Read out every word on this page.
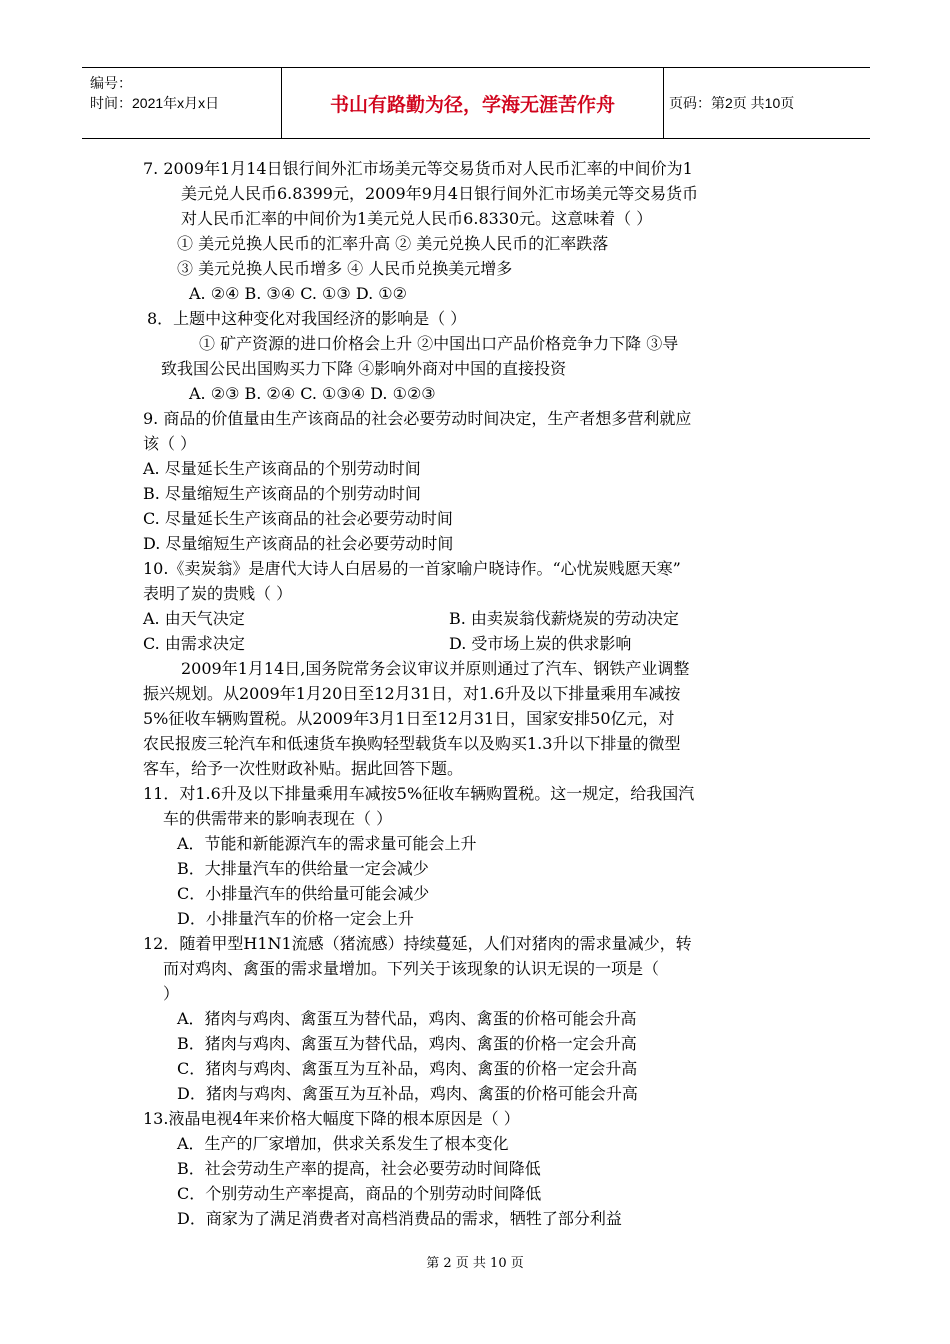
编号：
时间：2021年x月x日	书山有路勤为径，学海无涯苦作舟	页码：第2页 共10页

7. 2009年1月14日银行间外汇市场美元等交易货币对人民币汇率的中间价为1

美元兑人民币6.8399元，2009年9月4日银行间外汇市场美元等交易货币

对人民币汇率的中间价为1美元兑人民币6.8330元。这意味着（ ）

① 美元兑换人民币的汇率升高 ② 美元兑换人民币的汇率跌落

③ 美元兑换人民币增多 ④ 人民币兑换美元增多

A. ②④ B. ③④ C. ①③ D. ①②

8．上题中这种变化对我国经济的影响是（ ）

① 矿产资源的进口价格会上升 ②中国出口产品价格竞争力下降 ③导

致我国公民出国购买力下降 ④影响外商对中国的直接投资

A. ②③ B. ②④ C. ①③④ D. ①②③

9. 商品的价值量由生产该商品的社会必要劳动时间决定，生产者想多营利就应

该（ ）

A. 尽量延长生产该商品的个别劳动时间

B. 尽量缩短生产该商品的个别劳动时间

C. 尽量延长生产该商品的社会必要劳动时间

D. 尽量缩短生产该商品的社会必要劳动时间

10.《卖炭翁》是唐代大诗人白居易的一首家喻户晓诗作。“心忧炭贱愿天寒”

表明了炭的贵贱（ ）

A. 由天气决定	B. 由卖炭翁伐薪烧炭的劳动决定
C. 由需求决定	D. 受市场上炭的供求影响

2009年1月14日,国务院常务会议审议并原则通过了汽车、钢铁产业调整

振兴规划。从2009年1月20日至12月31日，对1.6升及以下排量乘用车减按

5%征收车辆购置税。从2009年3月1日至12月31日，国家安排50亿元，对

农民报废三轮汽车和低速货车换购轻型载货车以及购买1.3升以下排量的微型

客车，给予一次性财政补贴。据此回答下题。

11．对1.6升及以下排量乘用车减按5%征收车辆购置税。这一规定，给我国汽

车的供需带来的影响表现在（ ）

A．节能和新能源汽车的需求量可能会上升

B．大排量汽车的供给量一定会减少

C．小排量汽车的供给量可能会减少

D．小排量汽车的价格一定会上升

12．随着甲型H1N1流感（猪流感）持续蔓延，人们对猪肉的需求量减少，转

而对鸡肉、禽蛋的需求量增加。下列关于该现象的认识无误的一项是（

）

A．猪肉与鸡肉、禽蛋互为替代品，鸡肉、禽蛋的价格可能会升高

B．猪肉与鸡肉、禽蛋互为替代品，鸡肉、禽蛋的价格一定会升高

C．猪肉与鸡肉、禽蛋互为互补品，鸡肉、禽蛋的价格一定会升高

D．猪肉与鸡肉、禽蛋互为互补品，鸡肉、禽蛋的价格可能会升高

13.液晶电视4年来价格大幅度下降的根本原因是（ ）

A．生产的厂家增加，供求关系发生了根本变化

B．社会劳动生产率的提高，社会必要劳动时间降低

C．个别劳动生产率提高，商品的个别劳动时间降低

D．商家为了满足消费者对高档消费品的需求，牺牲了部分利益

第 2 页 共 10 页
